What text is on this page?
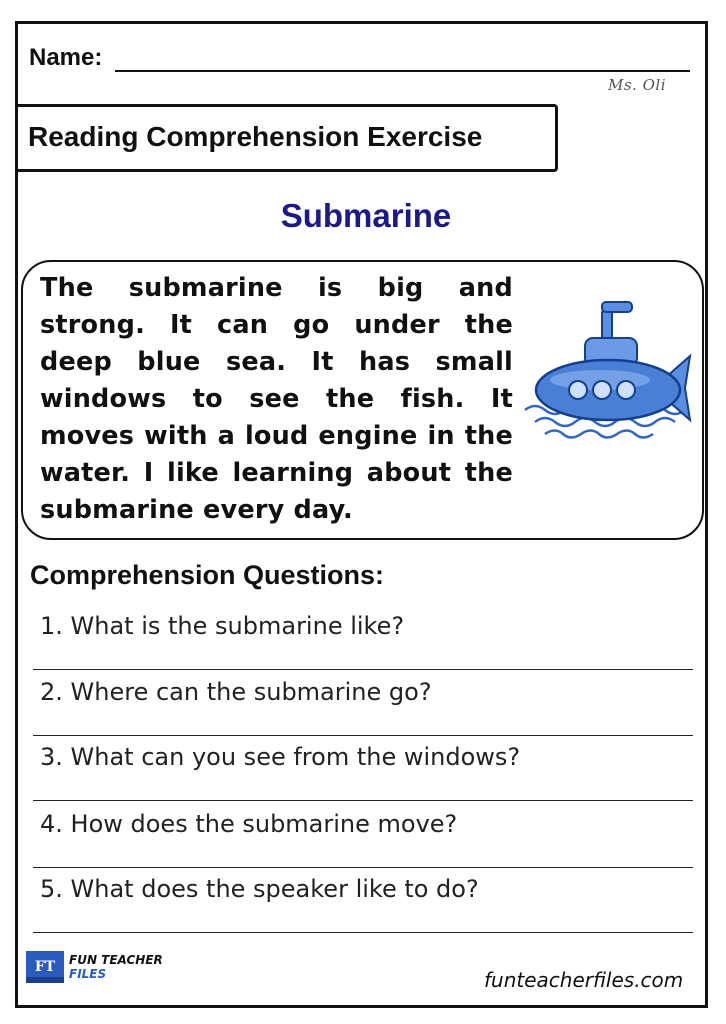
Name:
Ms. Oli
Reading Comprehension Exercise
Submarine
The submarine is big and strong. It can go under the deep blue sea. It has small windows to see the fish. It moves with a loud engine in the water. I like learning about the submarine every day.
Comprehension Questions:
1. What is the submarine like?
2. Where can the submarine go?
3. What can you see from the windows?
4. How does the submarine move?
5. What does the speaker like to do?
FT	FUN TEACHER
FILES	funteacherfiles.com
